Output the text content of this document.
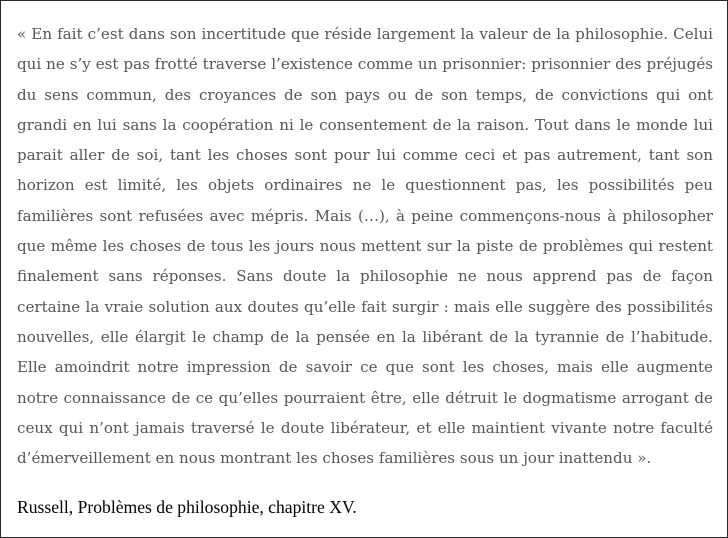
« En fait c’est dans son incertitude que réside largement la valeur de la philosophie. Celui qui ne s’y est pas frotté traverse l’existence comme un prisonnier: prisonnier des préjugés du sens commun, des croyances de son pays ou de son temps, de convictions qui ont grandi en lui sans la coopération ni le consentement de la raison. Tout dans le monde lui parait aller de soi, tant les choses sont pour lui comme ceci et pas autrement, tant son horizon est limité, les objets ordinaires ne le questionnent pas, les possibilités peu familières sont refusées avec mépris. Mais (…), à peine commençons-nous à philosopher que même les choses de tous les jours nous mettent sur la piste de problèmes qui restent finalement sans réponses. Sans doute la philosophie ne nous apprend pas de façon certaine la vraie solution aux doutes qu’elle fait surgir : mais elle suggère des possibilités nouvelles, elle élargit le champ de la pensée en la libérant de la tyrannie de l’habitude. Elle amoindrit notre impression de savoir ce que sont les choses, mais elle augmente notre connaissance de ce qu’elles pourraient être, elle détruit le dogmatisme arrogant de ceux qui n’ont jamais traversé le doute libérateur, et elle maintient vivante notre faculté d’émerveillement en nous montrant les choses familières sous un jour inattendu ».

Russell, Problèmes de philosophie, chapitre XV.
